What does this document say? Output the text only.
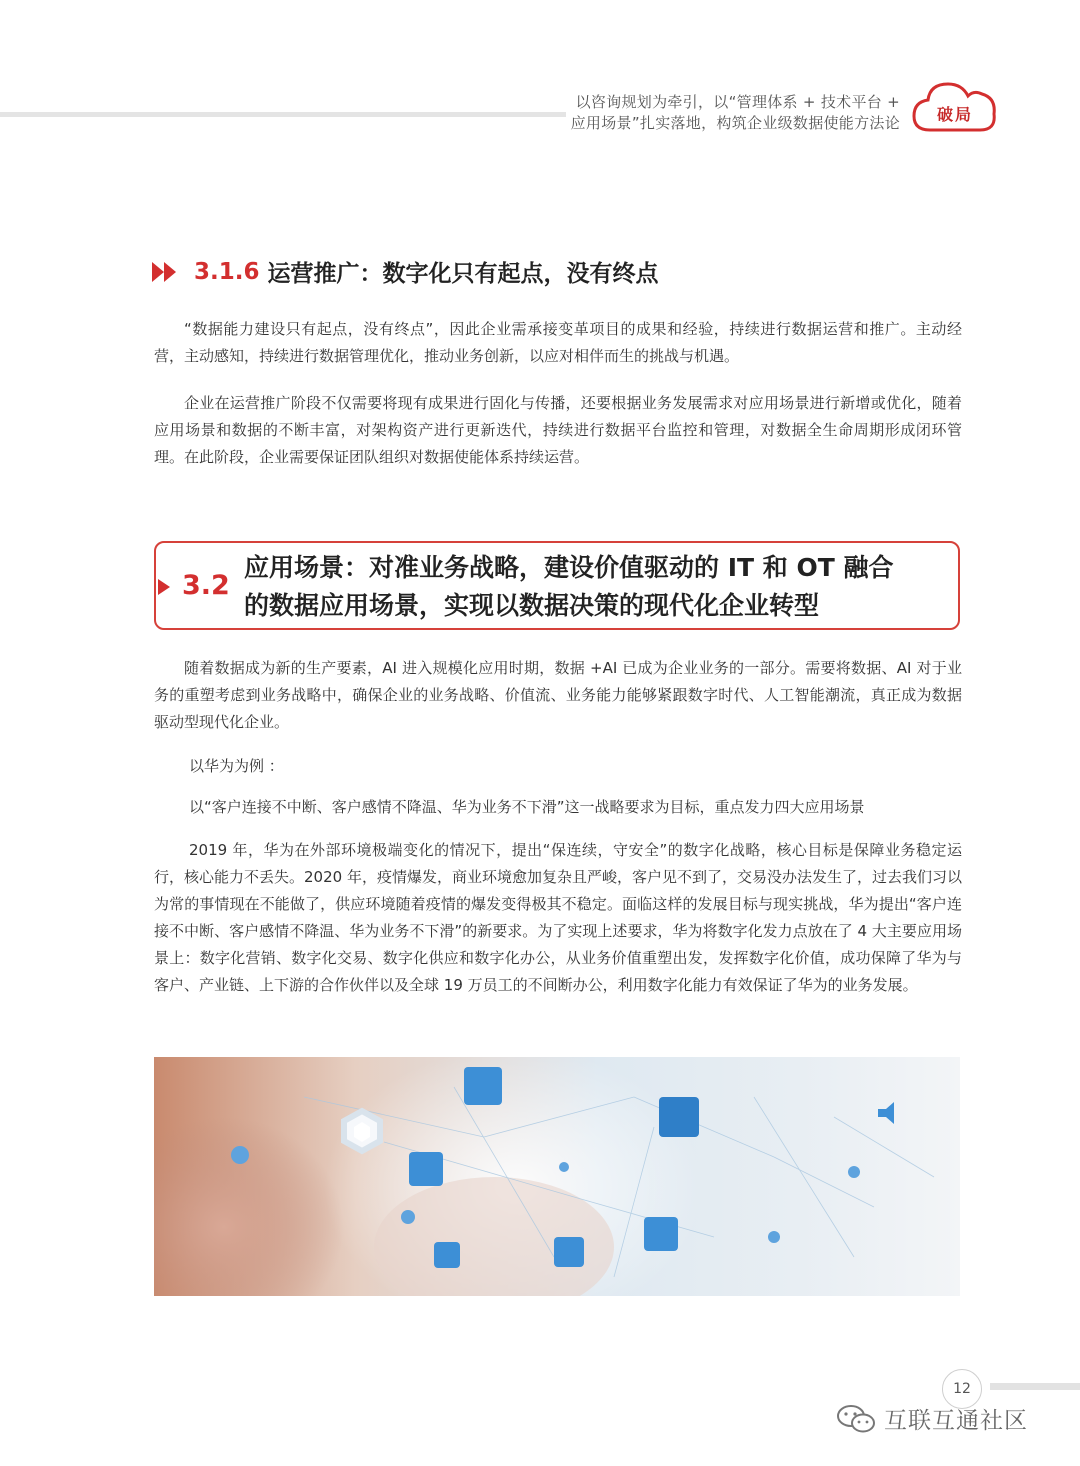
以咨询规划为牵引，以“管理体系 + 技术平台 +
应用场景”扎实落地，构筑企业级数据使能方法论	破局
3.1.6 运营推广：数字化只有起点，没有终点
“数据能力建设只有起点，没有终点”，因此企业需承接变革项目的成果和经验，持续进行数据运营和推广。主动经营，主动感知，持续进行数据管理优化，推动业务创新，以应对相伴而生的挑战与机遇。
企业在运营推广阶段不仅需要将现有成果进行固化与传播，还要根据业务发展需求对应用场景进行新增或优化，随着应用场景和数据的不断丰富，对架构资产进行更新迭代，持续进行数据平台监控和管理，对数据全生命周期形成闭环管理。在此阶段，企业需要保证团队组织对数据使能体系持续运营。
3.2
应用场景：对准业务战略，建设价值驱动的 IT 和 OT 融合
的数据应用场景，实现以数据决策的现代化企业转型
随着数据成为新的生产要素，AI 进入规模化应用时期，数据 +AI 已成为企业业务的一部分。需要将数据、AI 对于业务的重塑考虑到业务战略中，确保企业的业务战略、价值流、业务能力能够紧跟数字时代、人工智能潮流，真正成为数据驱动型现代化企业。
以华为为例 ：
以“客户连接不中断、客户感情不降温、华为业务不下滑”这一战略要求为目标，重点发力四大应用场景
2019 年，华为在外部环境极端变化的情况下，提出“保连续，守安全”的数字化战略，核心目标是保障业务稳定运行，核心能力不丢失。2020 年，疫情爆发，商业环境愈加复杂且严峻，客户见不到了，交易没办法发生了，过去我们习以为常的事情现在不能做了，供应环境随着疫情的爆发变得极其不稳定。面临这样的发展目标与现实挑战，华为提出“客户连接不中断、客户感情不降温、华为业务不下滑”的新要求。为了实现上述要求，华为将数字化发力点放在了 4 大主要应用场景上：数字化营销、数字化交易、数字化供应和数字化办公，从业务价值重塑出发，发挥数字化价值，成功保障了华为与客户、产业链、上下游的合作伙伴以及全球 19 万员工的不间断办公，利用数字化能力有效保证了华为的业务发展。
12
互联互通社区
